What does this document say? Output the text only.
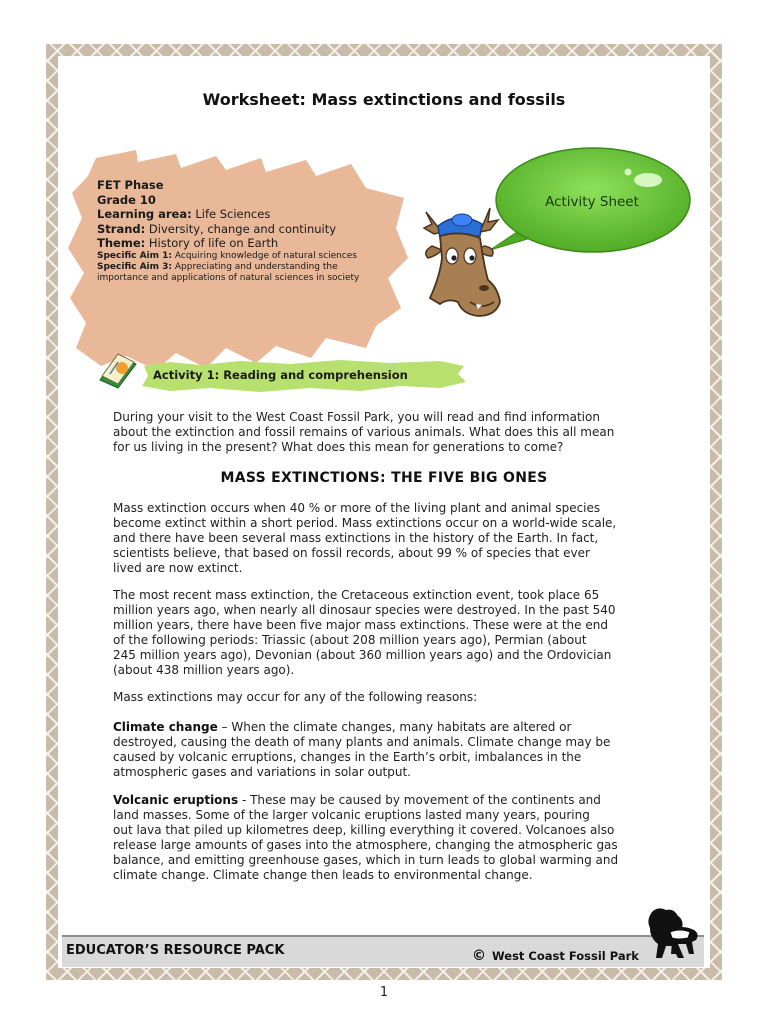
Worksheet: Mass extinctions and fossils
FET Phase
Grade 10
Learning area: Life Sciences
Strand: Diversity, change and continuity
Theme: History of life on Earth
Specific Aim 1: Acquiring knowledge of natural sciences
Specific Aim 3: Appreciating and understanding the
importance and applications of natural sciences in society
Activity Sheet
Activity 1: Reading and comprehension
During your visit to the West Coast Fossil Park, you will read and find information
about the extinction and fossil remains of various animals. What does this all mean
for us living in the present? What does this mean for generations to come?
MASS EXTINCTIONS: THE FIVE BIG ONES
Mass extinction occurs when 40 % or more of the living plant and animal species
become extinct within a short period. Mass extinctions occur on a world-wide scale,
and there have been several mass extinctions in the history of the Earth. In fact,
scientists believe, that based on fossil records, about 99 % of species that ever
lived are now extinct.
The most recent mass extinction, the Cretaceous extinction event, took place 65
million years ago, when nearly all dinosaur species were destroyed. In the past 540
million years, there have been five major mass extinctions. These were at the end
of the following periods: Triassic (about 208 million years ago), Permian (about
245 million years ago), Devonian (about 360 million years ago) and the Ordovician
(about 438 million years ago).
Mass extinctions may occur for any of the following reasons:
Climate change – When the climate changes, many habitats are altered or
destroyed, causing the death of many plants and animals. Climate change may be
caused by volcanic erruptions, changes in the Earth’s orbit, imbalances in the
atmospheric gases and variations in solar output.
Volcanic eruptions - These may be caused by movement of the continents and
land masses. Some of the larger volcanic eruptions lasted many years, pouring
out lava that piled up kilometres deep, killing everything it covered. Volcanoes also
release large amounts of gases into the atmosphere, changing the atmospheric gas
balance, and emitting greenhouse gases, which in turn leads to global warming and
climate change. Climate change then leads to environmental change.
EDUCATOR’S RESOURCE PACK	© West Coast Fossil Park
1
